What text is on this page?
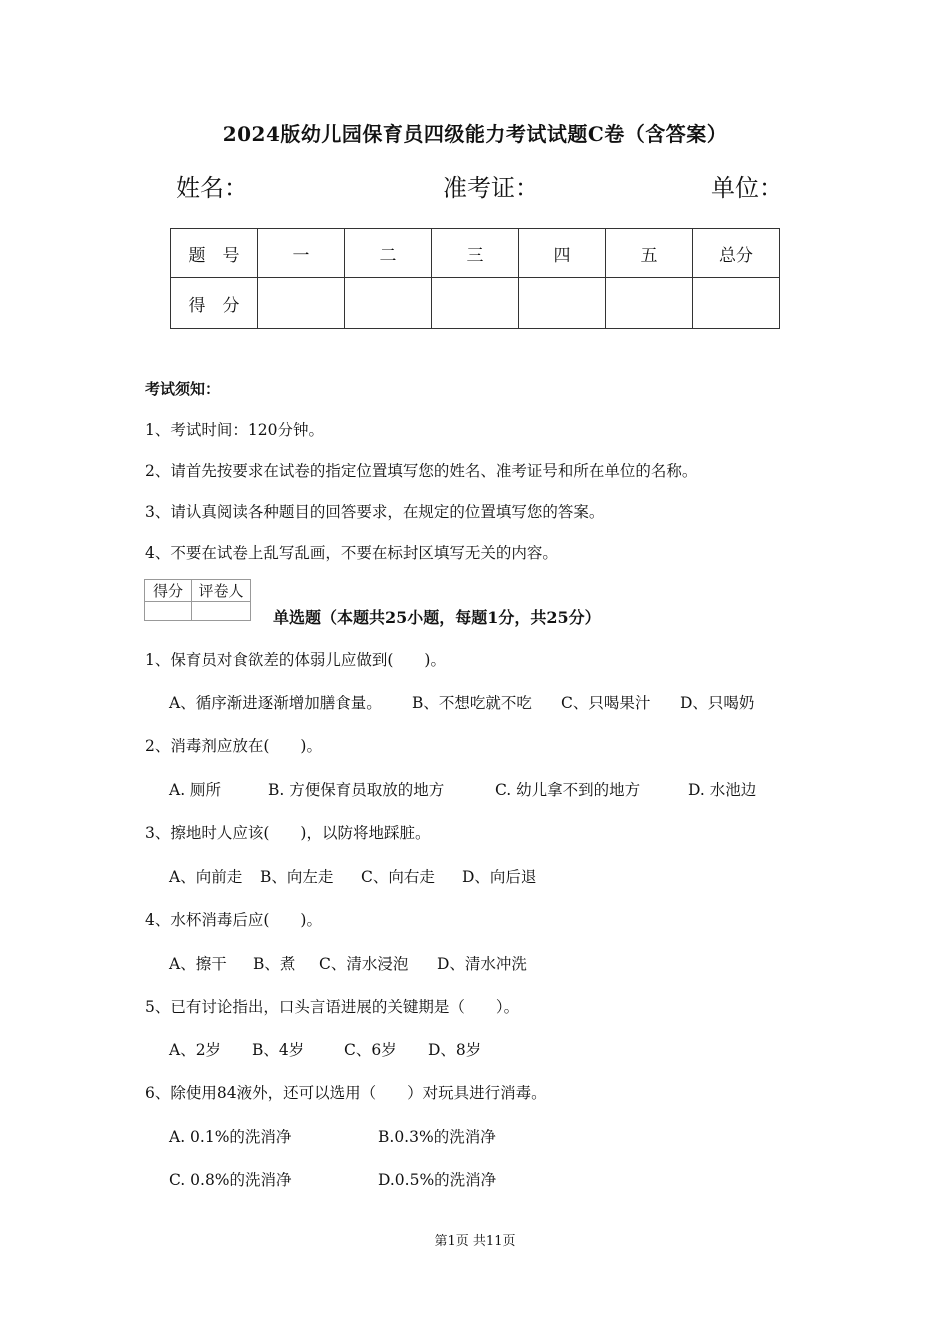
2024版幼儿园保育员四级能力考试试题C卷（含答案）
姓名：	准考证：	单位：
题　号	一	二	三	四	五	总分
得　分						
考试须知：
1、考试时间：120分钟。
2、请首先按要求在试卷的指定位置填写您的姓名、准考证号和所在单位的名称。
3、请认真阅读各种题目的回答要求，在规定的位置填写您的答案。
4、不要在试卷上乱写乱画，不要在标封区填写无关的内容。
得分	评卷人

单选题（本题共25小题，每题1分，共25分）
1、保育员对食欲差的体弱儿应做到(　　)。
A、循序渐进逐渐增加膳食量。 B、不想吃就不吃 C、只喝果汁 D、只喝奶
2、消毒剂应放在(　　)。
A. 厕所	B. 方便保育员取放的地方	C. 幼儿拿不到的地方	D. 水池边
3、擦地时人应该(　　)，以防将地踩脏。
A、向前走 B、向左走 C、向右走 D、向后退
4、水杯消毒后应(　　)。
A、擦干 B、煮 C、清水浸泡 D、清水冲洗
5、已有讨论指出，口头言语进展的关键期是（　　）。
A、2岁 B、4岁	C、6岁 D、8岁
6、除使用84液外，还可以选用（　　）对玩具进行消毒。
A. 0.1%的洗消净	B.0.3%的洗消净
C. 0.8%的洗消净	D.0.5%的洗消净
第1页 共11页
